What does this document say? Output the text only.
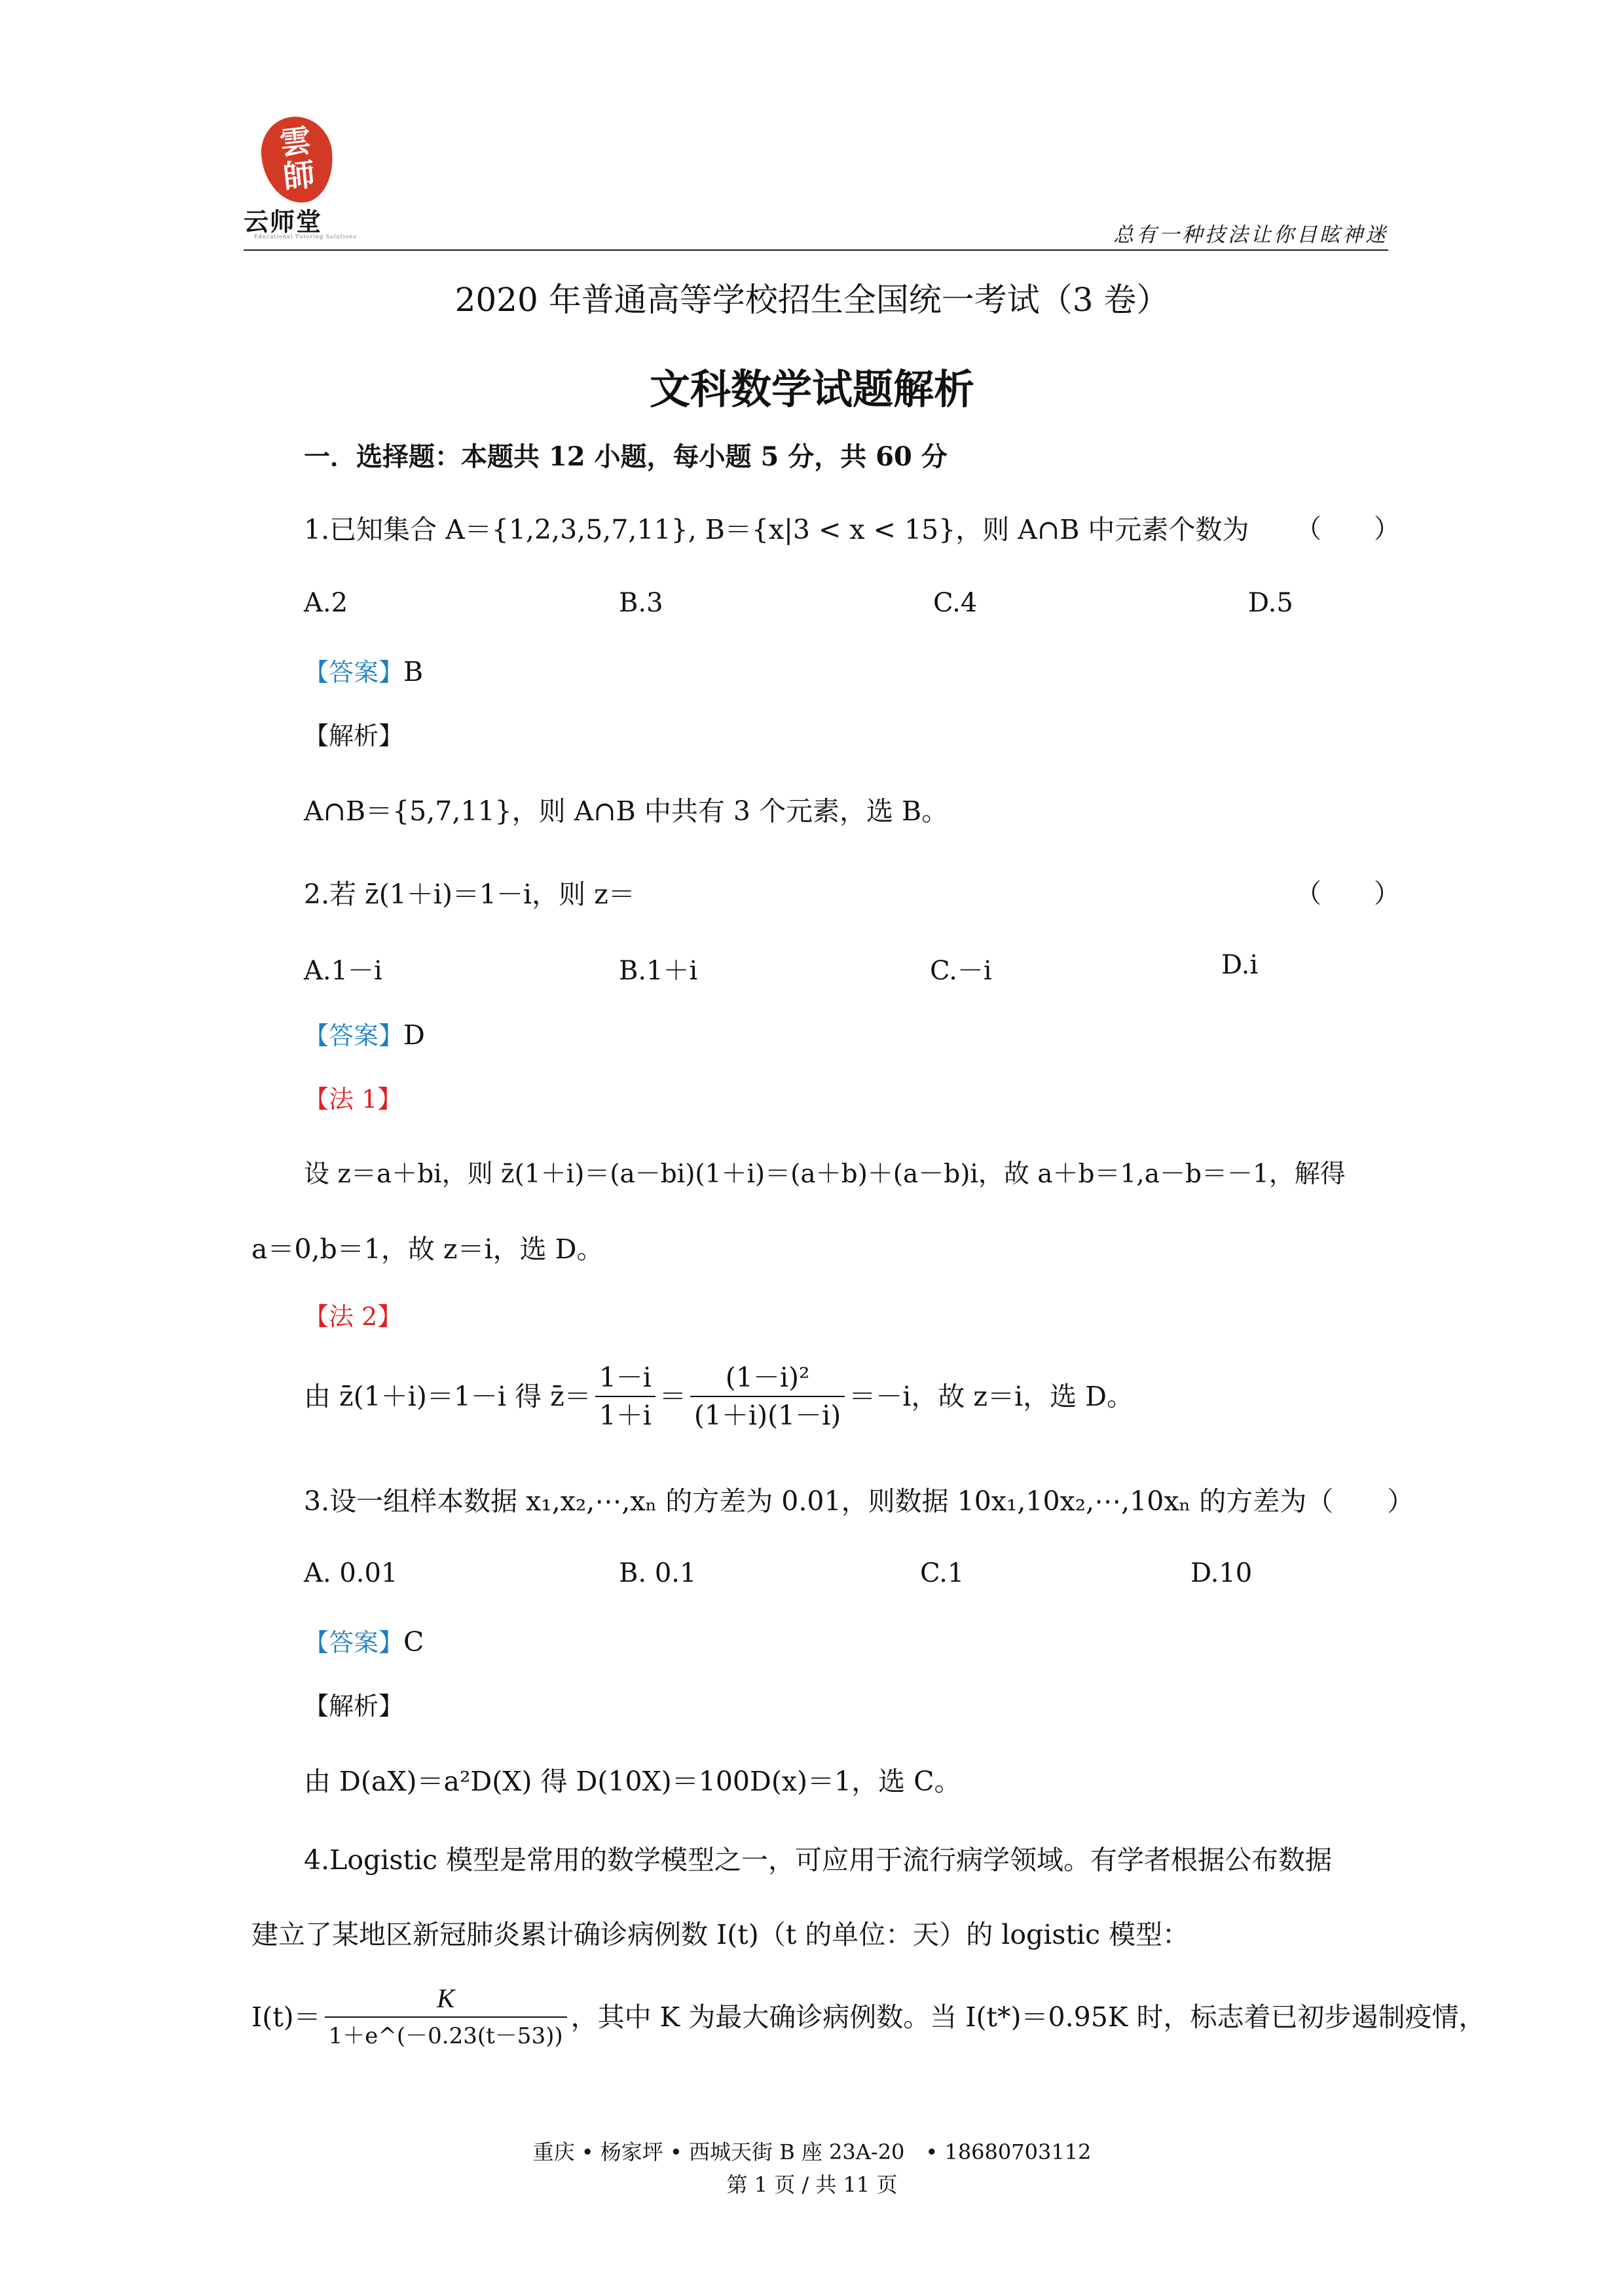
雲
師
云师堂
Educational Tutoring Solutions	总有一种技法让你目眩神迷
2020 年普通高等学校招生全国统一考试（3 卷）
文科数学试题解析
一．选择题：本题共 12 小题，每小题 5 分，共 60 分
1.已知集合 A＝{1,2,3,5,7,11}, B＝{x|3 < x < 15}，则 A∩B 中元素个数为 （　　）
A.2	B.3	C.4	D.5
【答案】B
【解析】
A∩B＝{5,7,11}，则 A∩B 中共有 3 个元素，选 B。
2.若 z̄(1＋i)＝1－i，则 z＝	（　　）
A.1－i	B.1＋i	C.－i	D.i
【答案】D
【法 1】
设 z＝a＋bi，则 z̄(1＋i)＝(a－bi)(1＋i)＝(a＋b)＋(a－b)i，故 a＋b＝1,a－b＝－1，解得
a＝0,b＝1，故 z＝i，选 D。
【法 2】
由 z̄(1＋i)＝1－i 得 z̄＝ $\frac{1-i}{1+i} = \frac{\text{(1－i)²}}{(1+i)(1-i)} =-i$，故 z＝i，选 D。
3.设一组样本数据 x₁,x₂,⋯,xₙ 的方差为 0.01，则数据 10x₁,10x₂,⋯,10xₙ 的方差为（　　）
A. 0.01	B. 0.1	C.1	D.10
【答案】C
【解析】
由 D(aX)＝a²D(X) 得 D(10X)＝100D(x)＝1，选 C。
4.Logistic 模型是常用的数学模型之一，可应用于流行病学领域。有学者根据公布数据
建立了某地区新冠肺炎累计确诊病例数 I(t)（t 的单位：天）的 logistic 模型：
$I(t)= \frac{K}{1+e\^{}(-0.23(t-53))}$ ，其中 K 为最大确诊病例数。当 I(t*)＝0.95K 时，标志着已初步遏制疫情，
重庆 • 杨家坪 • 西城天街 B 座 23A-20　• 18680703112
第 1 页 / 共 11 页
